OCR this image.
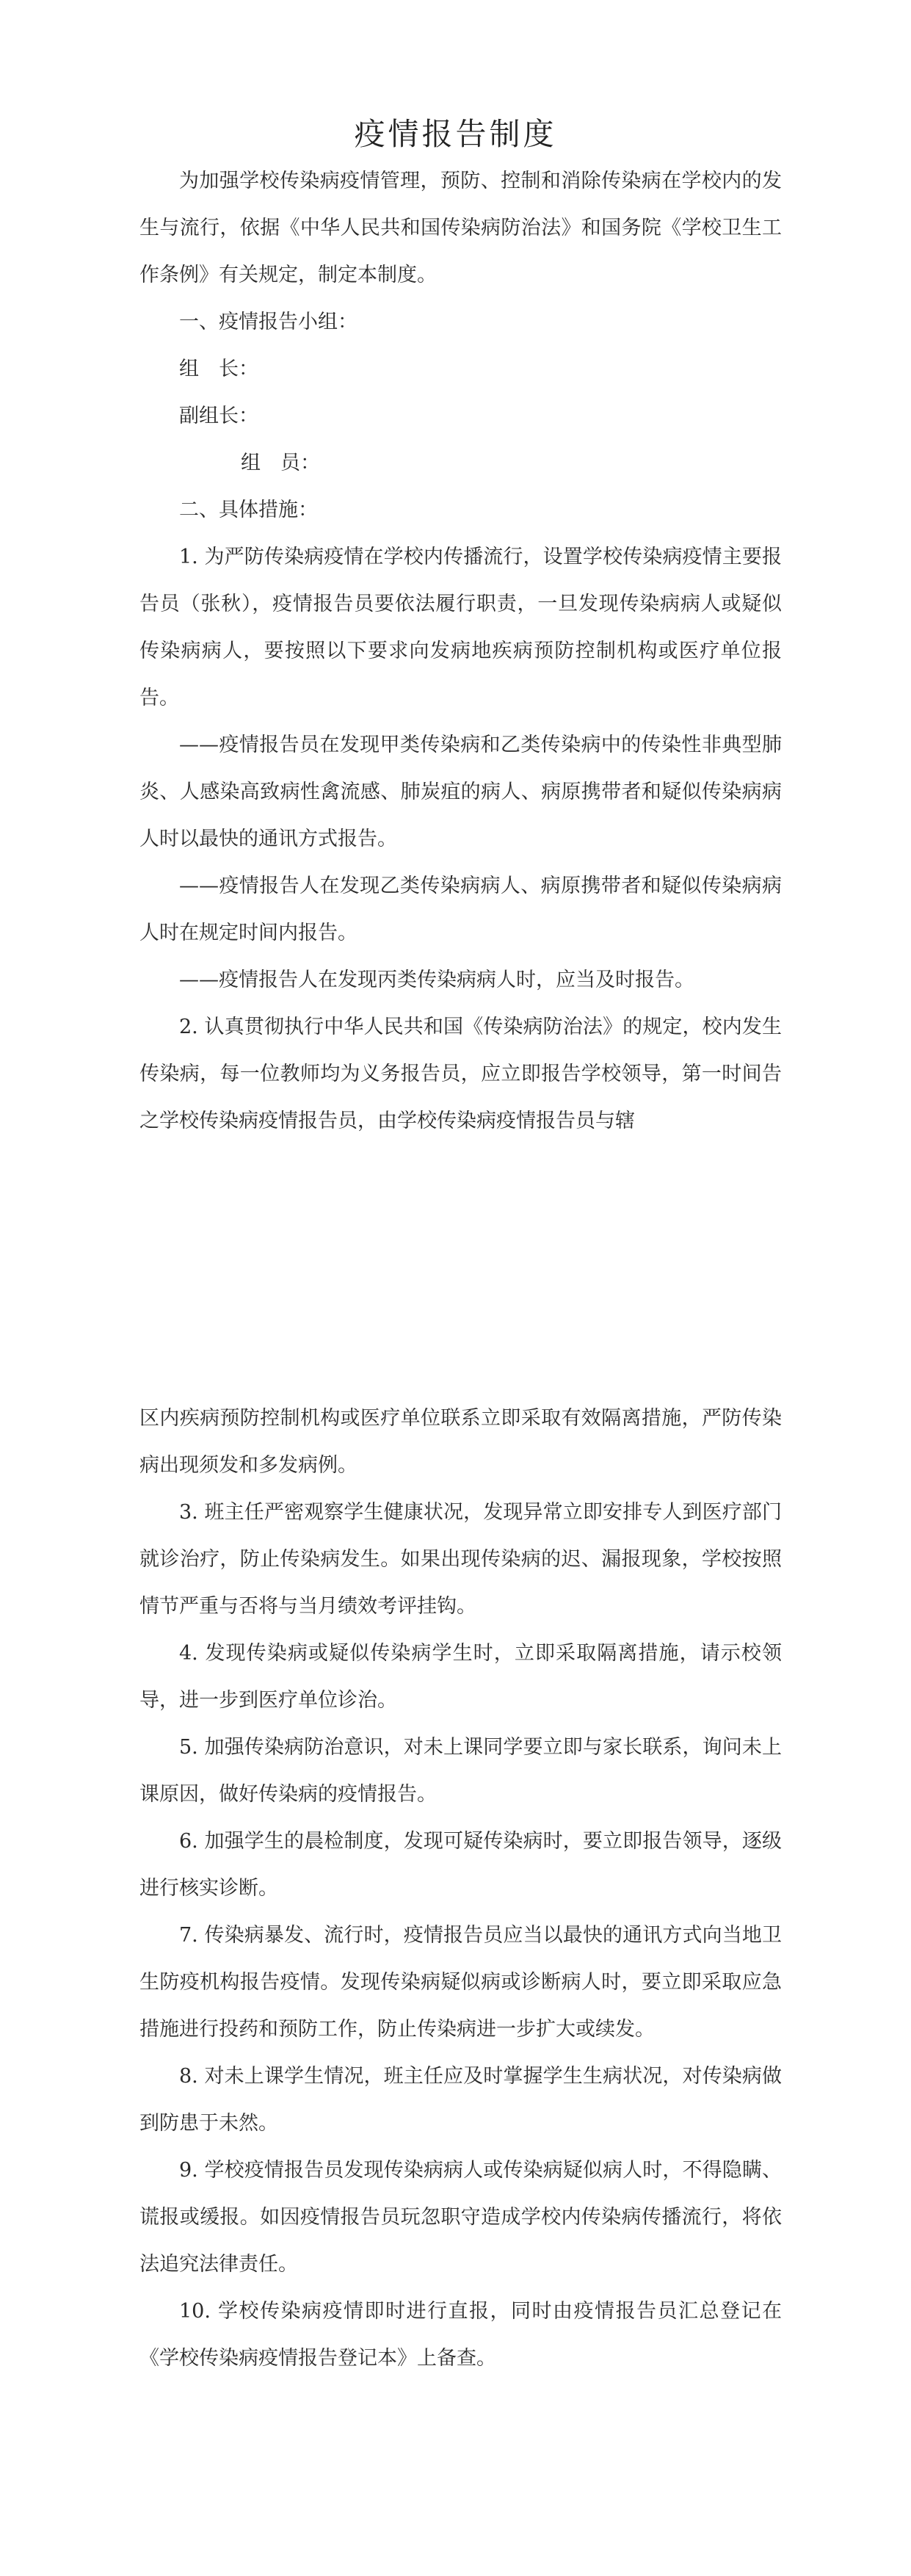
疫情报告制度

为加强学校传染病疫情管理，预防、控制和消除传染病在学校内的发生与流行，依据《中华人民共和国传染病防治法》和国务院《学校卫生工作条例》有关规定，制定本制度。

一、疫情报告小组：

组　长：

副组长：

组　员：

二、具体措施：

1. 为严防传染病疫情在学校内传播流行，设置学校传染病疫情主要报告员（张秋），疫情报告员要依法履行职责，一旦发现传染病病人或疑似传染病病人，要按照以下要求向发病地疾病预防控制机构或医疗单位报告。

——疫情报告员在发现甲类传染病和乙类传染病中的传染性非典型肺炎、人感染高致病性禽流感、肺炭疽的病人、病原携带者和疑似传染病病人时以最快的通讯方式报告。

——疫情报告人在发现乙类传染病病人、病原携带者和疑似传染病病人时在规定时间内报告。

——疫情报告人在发现丙类传染病病人时，应当及时报告。

2. 认真贯彻执行中华人民共和国《传染病防治法》的规定，校内发生传染病，每一位教师均为义务报告员，应立即报告学校领导，第一时间告之学校传染病疫情报告员，由学校传染病疫情报告员与辖

区内疾病预防控制机构或医疗单位联系立即采取有效隔离措施，严防传染病出现须发和多发病例。

3. 班主任严密观察学生健康状况，发现异常立即安排专人到医疗部门就诊治疗，防止传染病发生。如果出现传染病的迟、漏报现象，学校按照情节严重与否将与当月绩效考评挂钩。

4. 发现传染病或疑似传染病学生时，立即采取隔离措施，请示校领导，进一步到医疗单位诊治。

5. 加强传染病防治意识，对未上课同学要立即与家长联系，询问未上课原因，做好传染病的疫情报告。

6. 加强学生的晨检制度，发现可疑传染病时，要立即报告领导，逐级进行核实诊断。

7. 传染病暴发、流行时，疫情报告员应当以最快的通讯方式向当地卫生防疫机构报告疫情。发现传染病疑似病或诊断病人时，要立即采取应急措施进行投药和预防工作，防止传染病进一步扩大或续发。

8. 对未上课学生情况，班主任应及时掌握学生生病状况，对传染病做到防患于未然。

9. 学校疫情报告员发现传染病病人或传染病疑似病人时，不得隐瞒、谎报或缓报。如因疫情报告员玩忽职守造成学校内传染病传播流行，将依法追究法律责任。

10. 学校传染病疫情即时进行直报，同时由疫情报告员汇总登记在《学校传染病疫情报告登记本》上备查。
